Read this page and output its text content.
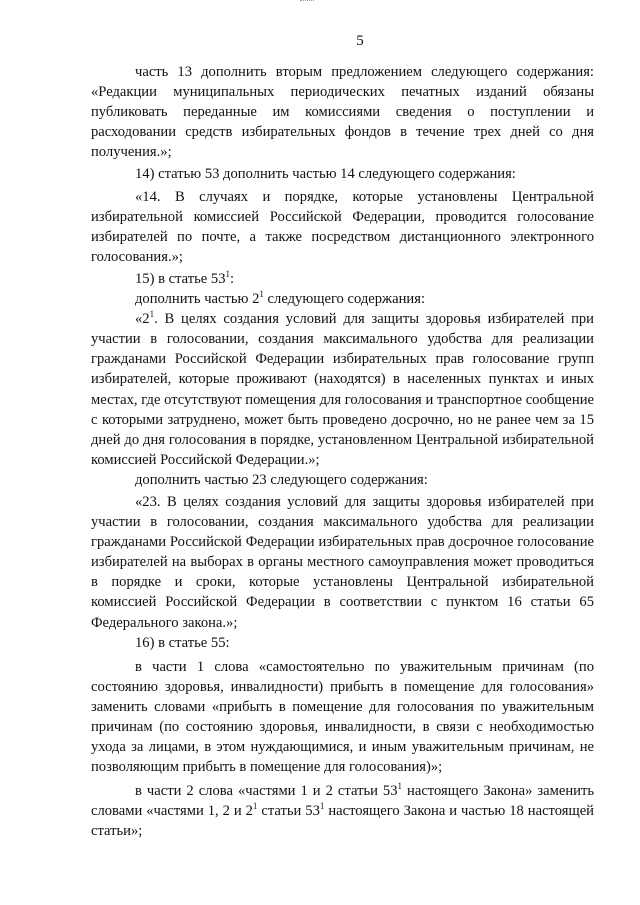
5

часть 13 дополнить вторым предложением следующего содержания: «Редакции муниципальных периодических печатных изданий обязаны публиковать переданные им комиссиями сведения о поступлении и расходовании средств избирательных фондов в течение трех дней со дня получения.»;

14) статью 53 дополнить частью 14 следующего содержания:

«14. В случаях и порядке, которые установлены Центральной избирательной комиссией Российской Федерации, проводится голосование избирателей по почте, а также посредством дистанционного электронного голосования.»;

15) в статье $53^1$:

дополнить частью $2^1$ следующего содержания:

«$2^1$. В целях создания условий для защиты здоровья избирателей при участии в голосовании, создания максимального удобства для реализации гражданами Российской Федерации избирательных прав голосование групп избирателей, которые проживают (находятся) в населенных пунктах и иных местах, где отсутствуют помещения для голосования и транспортное сообщение с которыми затруднено, может быть проведено досрочно, но не ранее чем за 15 дней до дня голосования в порядке, установленном Центральной избирательной комиссией Российской Федерации.»;

дополнить частью 23 следующего содержания:

«23. В целях создания условий для защиты здоровья избирателей при участии в голосовании, создания максимального удобства для реализации гражданами Российской Федерации избирательных прав досрочное голосование избирателей на выборах в органы местного самоуправления может проводиться в порядке и сроки, которые установлены Центральной избирательной комиссией Российской Федерации в соответствии с пунктом 16 статьи 65 Федерального закона.»;

16) в статье 55:

в части 1 слова «самостоятельно по уважительным причинам (по состоянию здоровья, инвалидности) прибыть в помещение для голосования» заменить словами «прибыть в помещение для голосования по уважительным причинам (по состоянию здоровья, инвалидности, в связи с необходимостью ухода за лицами, в этом нуждающимися, и иным уважительным причинам, не позволяющим прибыть в помещение для голосования)»;

в части 2 слова «частями 1 и 2 статьи $53^1$ настоящего Закона» заменить словами «частями 1, 2 и $2^1$ статьи $53^1$ настоящего Закона и частью 18 настоящей статьи»;
